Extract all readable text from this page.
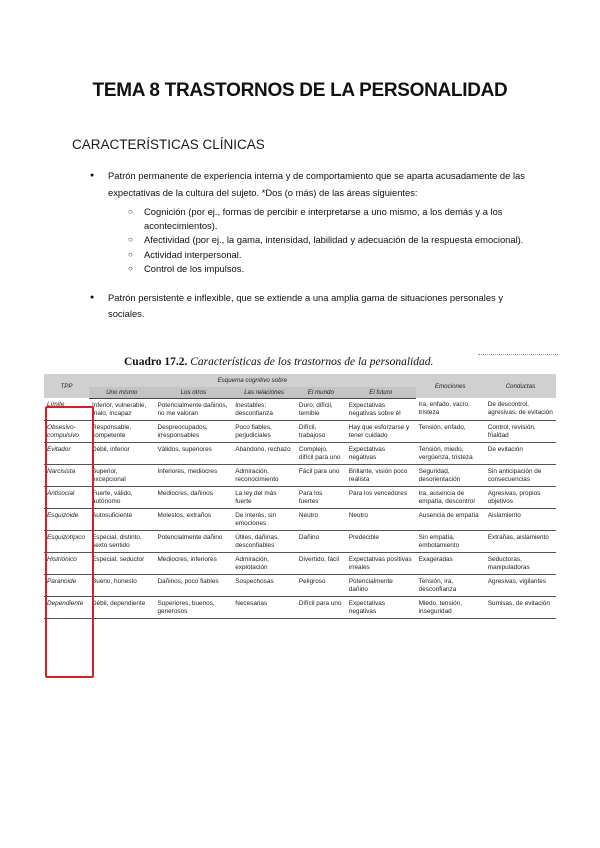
TEMA 8 TRASTORNOS DE LA PERSONALIDAD
CARACTERÍSTICAS CLÍNICAS
● Patrón permanente de experiencia interna y de comportamiento que se aparta acusadamente de las expectativas de la cultura del sujeto. *Dos (o más) de las áreas siguientes:
○ Cognición (por ej., formas de percibir e interpretarse a uno mismo, a los demás y a los acontecimientos).
○ Afectividad (por ej., la gama, intensidad, labilidad y adecuación de la respuesta emocional).
○ Actividad interpersonal.
○ Control de los impulsos.
● Patrón persistente e inflexible, que se extiende a una amplia gama de situaciones personales y sociales.
Cuadro 17.2. Características de los trastornos de la personalidad.
TPP	Esquema cognitivo sobre					Emociones	Conductas
	Uno mismo	Los otros	Las relaciones	El mundo	El futuro		
Límite	Inferior, vulnerable, malo, incapaz	Potencialmente dañinos, no me valoran	Inestables; desconfianza	Duro; difícil, temible	Expectativas negativas sobre él	Ira, enfado, vacío, tristeza	De descontrol, agresivas, de evitación
Obsesivo-compulsivo	Responsable, competente	Despreocupados, irresponsables	Poco fiables, perjudiciales	Difícil, trabajoso	Hay que esforzarse y tener cuidado	Tensión, enfado,	Control, revisión, frialdad
Evitador	Débil, inferior	Válidos, superiores	Abandono, rechazo	Complejo, difícil para uno	Expectativas negativas	Tensión, miedo, vergüenza, tristeza	De evitación
Narcisista	Superior, excepcional	Inferiores, mediocres	Admiración, reconocimiento	Fácil para uno	Brillante, visión poco realista	Seguridad, desorientación	Sin anticipación de consecuencias
Antisocial	Fuerte, válido, autónomo	Mediocres, dañinos	La ley del más fuerte	Para los fuertes	Para los vencedores	Ira, ausencia de empatía, descontrol	Agresivas, propios objetivos
Esquizoide	Autosuficiente	Molestos, extraños	De interés, sin emociones	Neutro	Neutro	Ausencia de empatía	Aislamiento
Esquizotípico	Especial, distinto, sexto sentido	Potencialmente dañino	Útiles, dañinas, desconfiables	Dañino	Predecible	Sin empatía, embotamiento	Extrañas, aislamiento
Histriónico	Especial, seductor	Mediocres, inferiores	Admiración, explotación	Divertido, fácil	Expectativas positivas irreales	Exageradas	Seductoras, manipuladoras
Paranoide	Bueno, honesto	Dañinos, poco fiables	Sospechosas	Peligroso	Potencialmente dañino	Tensión, ira, desconfianza	Agresivas, vigilantes
Dependiente	Débil, dependiente	Superiores, buenos, generosos	Necesarias	Difícil para uno	Expectativas negativas	Miedo, tensión, inseguridad	Sumisas, de evitación
